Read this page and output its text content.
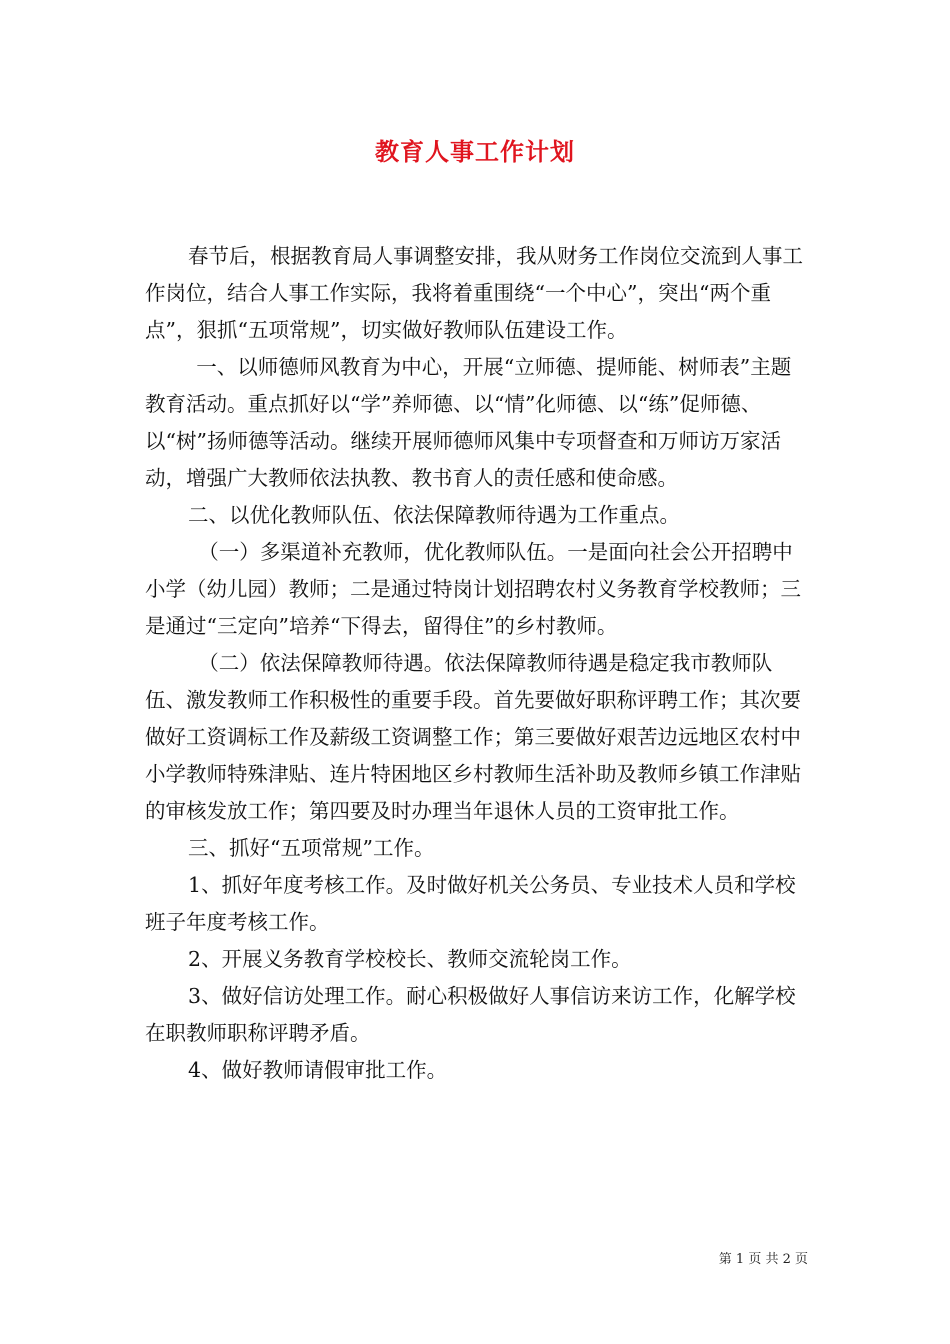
教育人事工作计划

春节后，根据教育局人事调整安排，我从财务工作岗位交流到人事工作岗位，结合人事工作实际，我将着重围绕“一个中心”，突出“两个重点”，狠抓“五项常规”，切实做好教师队伍建设工作。

一、以师德师风教育为中心，开展“立师德、提师能、树师表”主题教育活动。重点抓好以“学”养师德、以“情”化师德、以“练”促师德、以“树”扬师德等活动。继续开展师德师风集中专项督查和万师访万家活动，增强广大教师依法执教、教书育人的责任感和使命感。

二、以优化教师队伍、依法保障教师待遇为工作重点。

（一）多渠道补充教师，优化教师队伍。一是面向社会公开招聘中小学（幼儿园）教师；二是通过特岗计划招聘农村义务教育学校教师；三是通过“三定向”培养“下得去，留得住”的乡村教师。

（二）依法保障教师待遇。依法保障教师待遇是稳定我市教师队伍、激发教师工作积极性的重要手段。首先要做好职称评聘工作；其次要做好工资调标工作及薪级工资调整工作；第三要做好艰苦边远地区农村中小学教师特殊津贴、连片特困地区乡村教师生活补助及教师乡镇工作津贴的审核发放工作；第四要及时办理当年退休人员的工资审批工作。

三、抓好“五项常规”工作。

1、抓好年度考核工作。及时做好机关公务员、专业技术人员和学校班子年度考核工作。

2、开展义务教育学校校长、教师交流轮岗工作。

3、做好信访处理工作。耐心积极做好人事信访来访工作，化解学校在职教师职称评聘矛盾。

4、做好教师请假审批工作。

第 1 页 共 2 页
